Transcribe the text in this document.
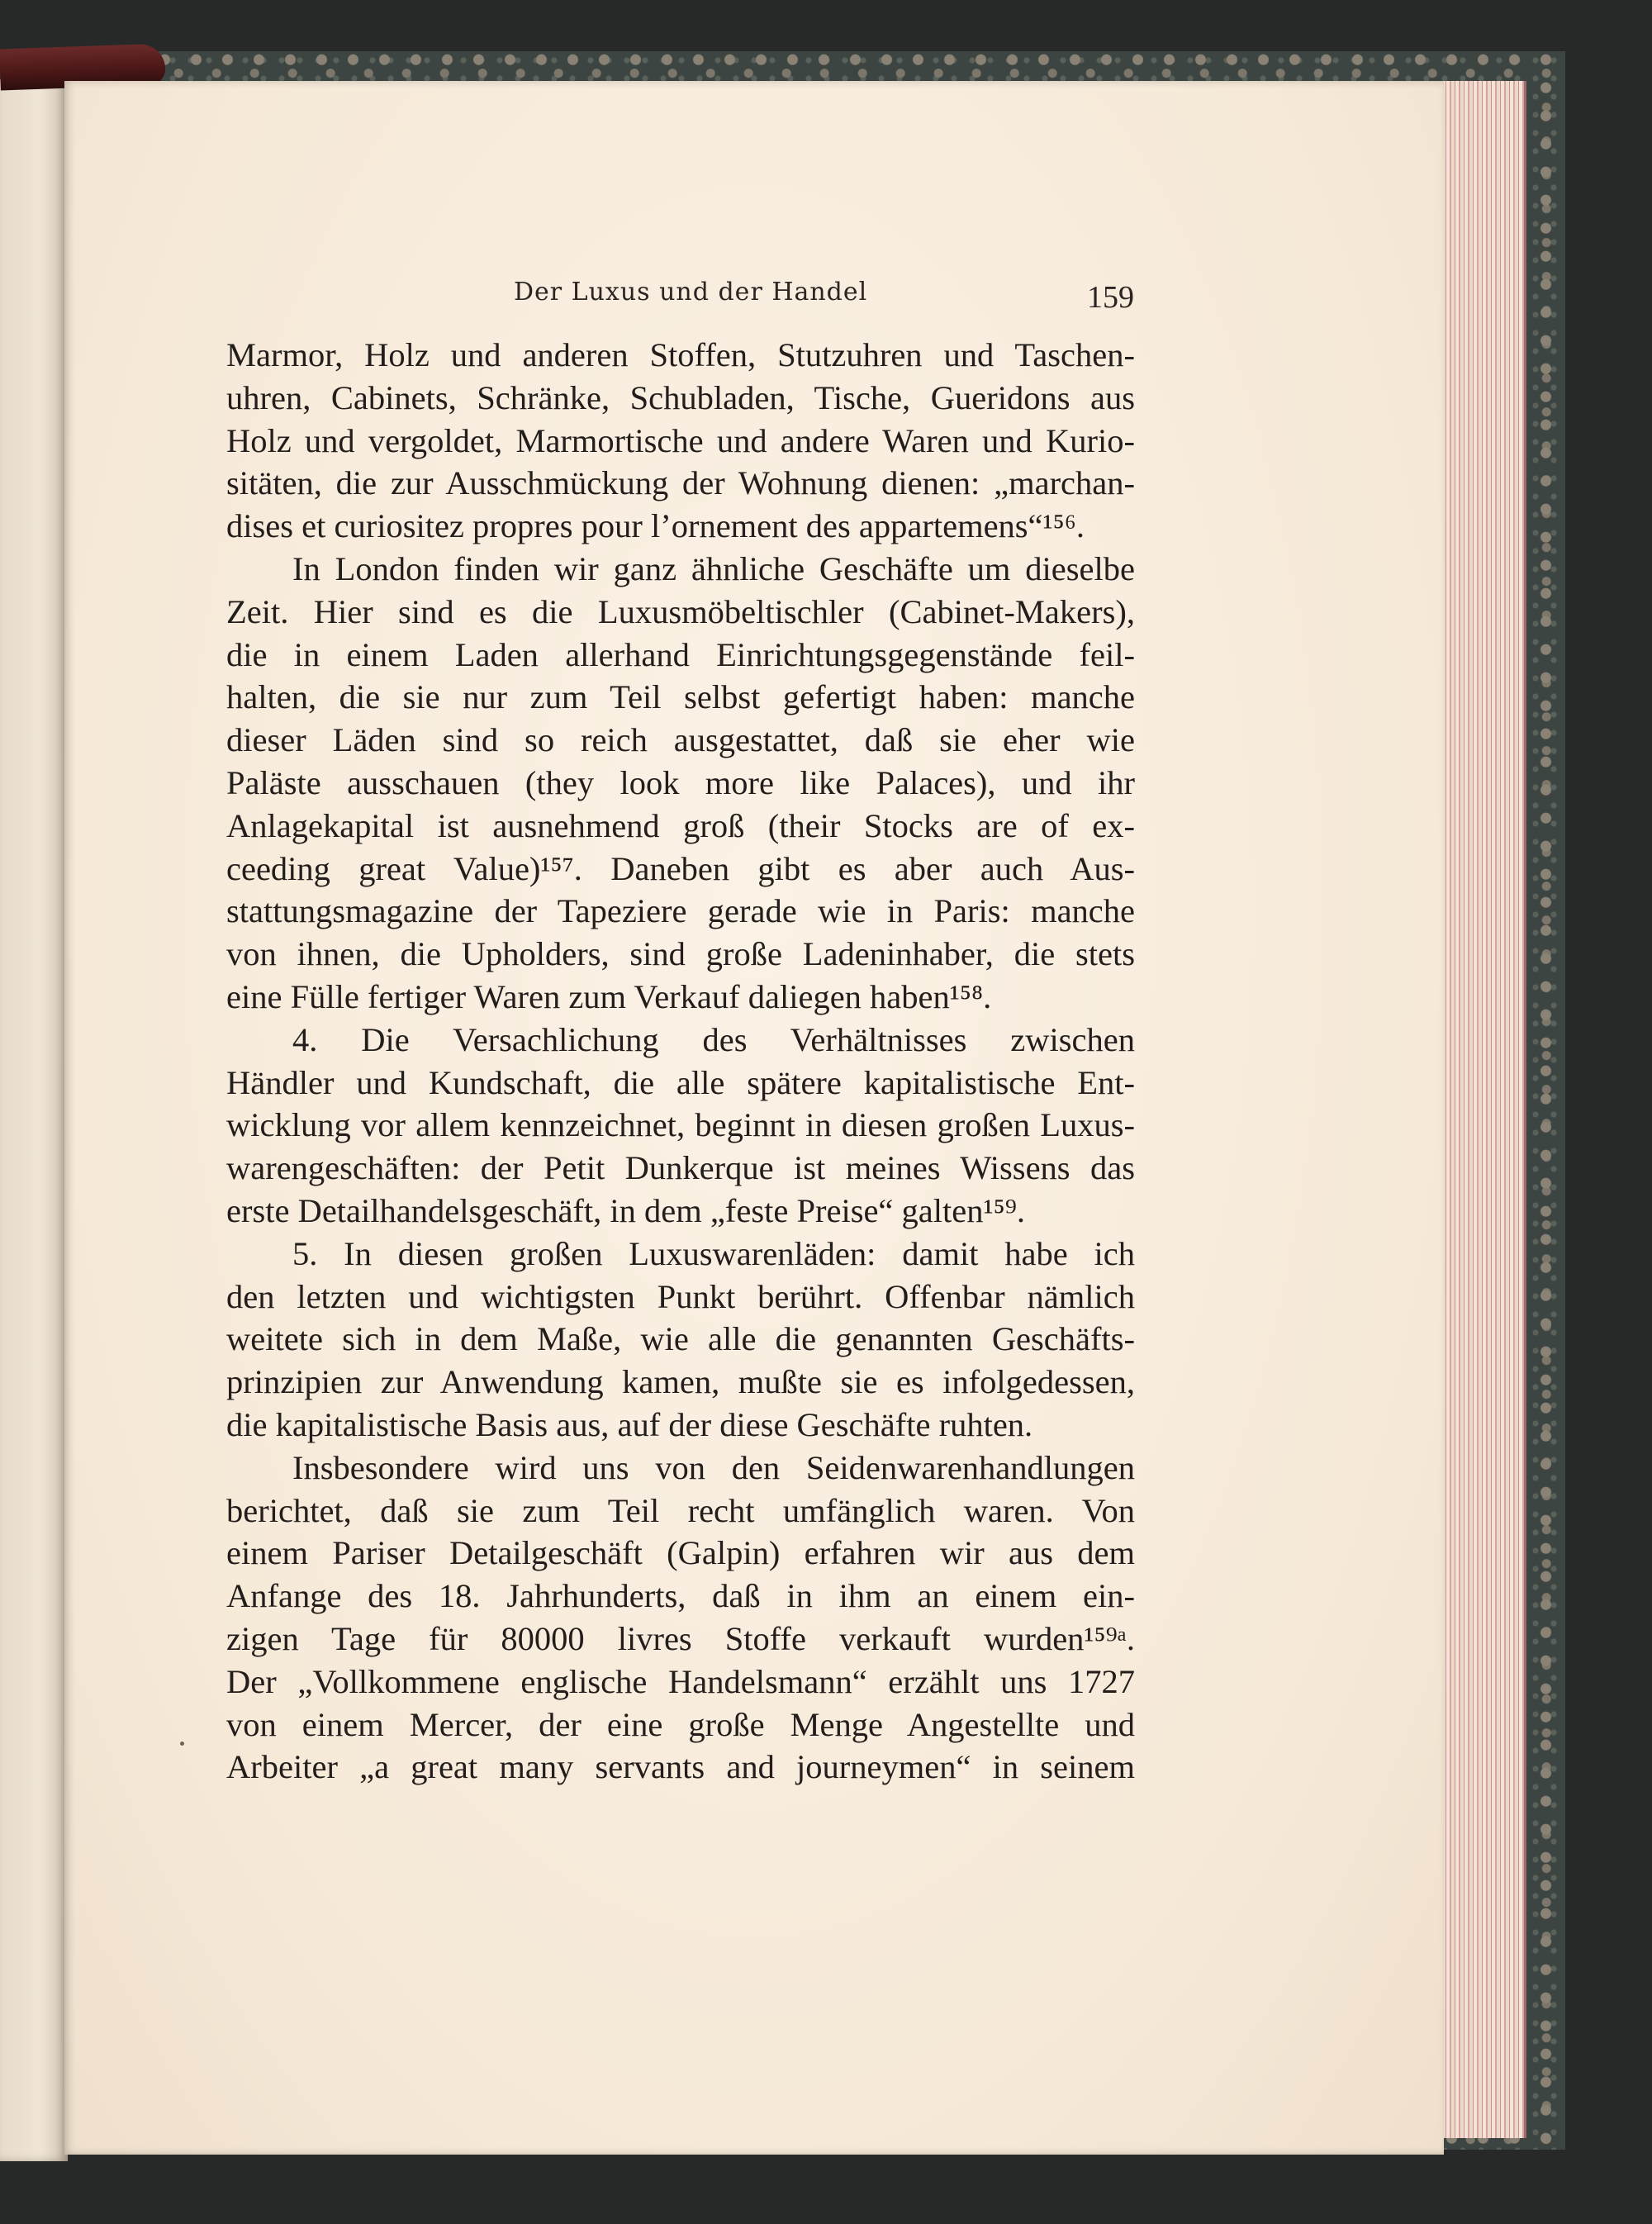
Der Luxus und der Handel	159
Marmor, Holz und anderen Stoffen, Stutzuhren und Taschen-
uhren, Cabinets, Schränke, Schubladen, Tische, Gueridons aus
Holz und vergoldet, Marmortische und andere Waren und Kurio-
sitäten, die zur Ausschmückung der Wohnung dienen: „marchan-
dises et curiositez propres pour l’ornement des appartemens“¹⁵⁶.
In London finden wir ganz ähnliche Geschäfte um dieselbe
Zeit. Hier sind es die Luxusmöbeltischler (Cabinet-Makers),
die in einem Laden allerhand Einrichtungsgegenstände feil-
halten, die sie nur zum Teil selbst gefertigt haben: manche
dieser Läden sind so reich ausgestattet, daß sie eher wie
Paläste ausschauen (they look more like Palaces), und ihr
Anlagekapital ist ausnehmend groß (their Stocks are of ex-
ceeding great Value)¹⁵⁷. Daneben gibt es aber auch Aus-
stattungsmagazine der Tapeziere gerade wie in Paris: manche
von ihnen, die Upholders, sind große Ladeninhaber, die stets
eine Fülle fertiger Waren zum Verkauf daliegen haben¹⁵⁸.
4. Die Versachlichung des Verhältnisses zwischen
Händler und Kundschaft, die alle spätere kapitalistische Ent-
wicklung vor allem kennzeichnet, beginnt in diesen großen Luxus-
warengeschäften: der Petit Dunkerque ist meines Wissens das
erste Detailhandelsgeschäft, in dem „feste Preise“ galten¹⁵⁹.
5. In diesen großen Luxuswarenläden: damit habe ich
den letzten und wichtigsten Punkt berührt. Offenbar nämlich
weitete sich in dem Maße, wie alle die genannten Geschäfts-
prinzipien zur Anwendung kamen, mußte sie es infolgedessen,
die kapitalistische Basis aus, auf der diese Geschäfte ruhten.
Insbesondere wird uns von den Seidenwarenhandlungen
berichtet, daß sie zum Teil recht umfänglich waren. Von
einem Pariser Detailgeschäft (Galpin) erfahren wir aus dem
Anfange des 18. Jahrhunderts, daß in ihm an einem ein-
zigen Tage für 80000 livres Stoffe verkauft wurden¹⁵⁹ᵃ.
Der „Vollkommene englische Handelsmann“ erzählt uns 1727
von einem Mercer, der eine große Menge Angestellte und
Arbeiter „a great many servants and journeymen“ in seinem
